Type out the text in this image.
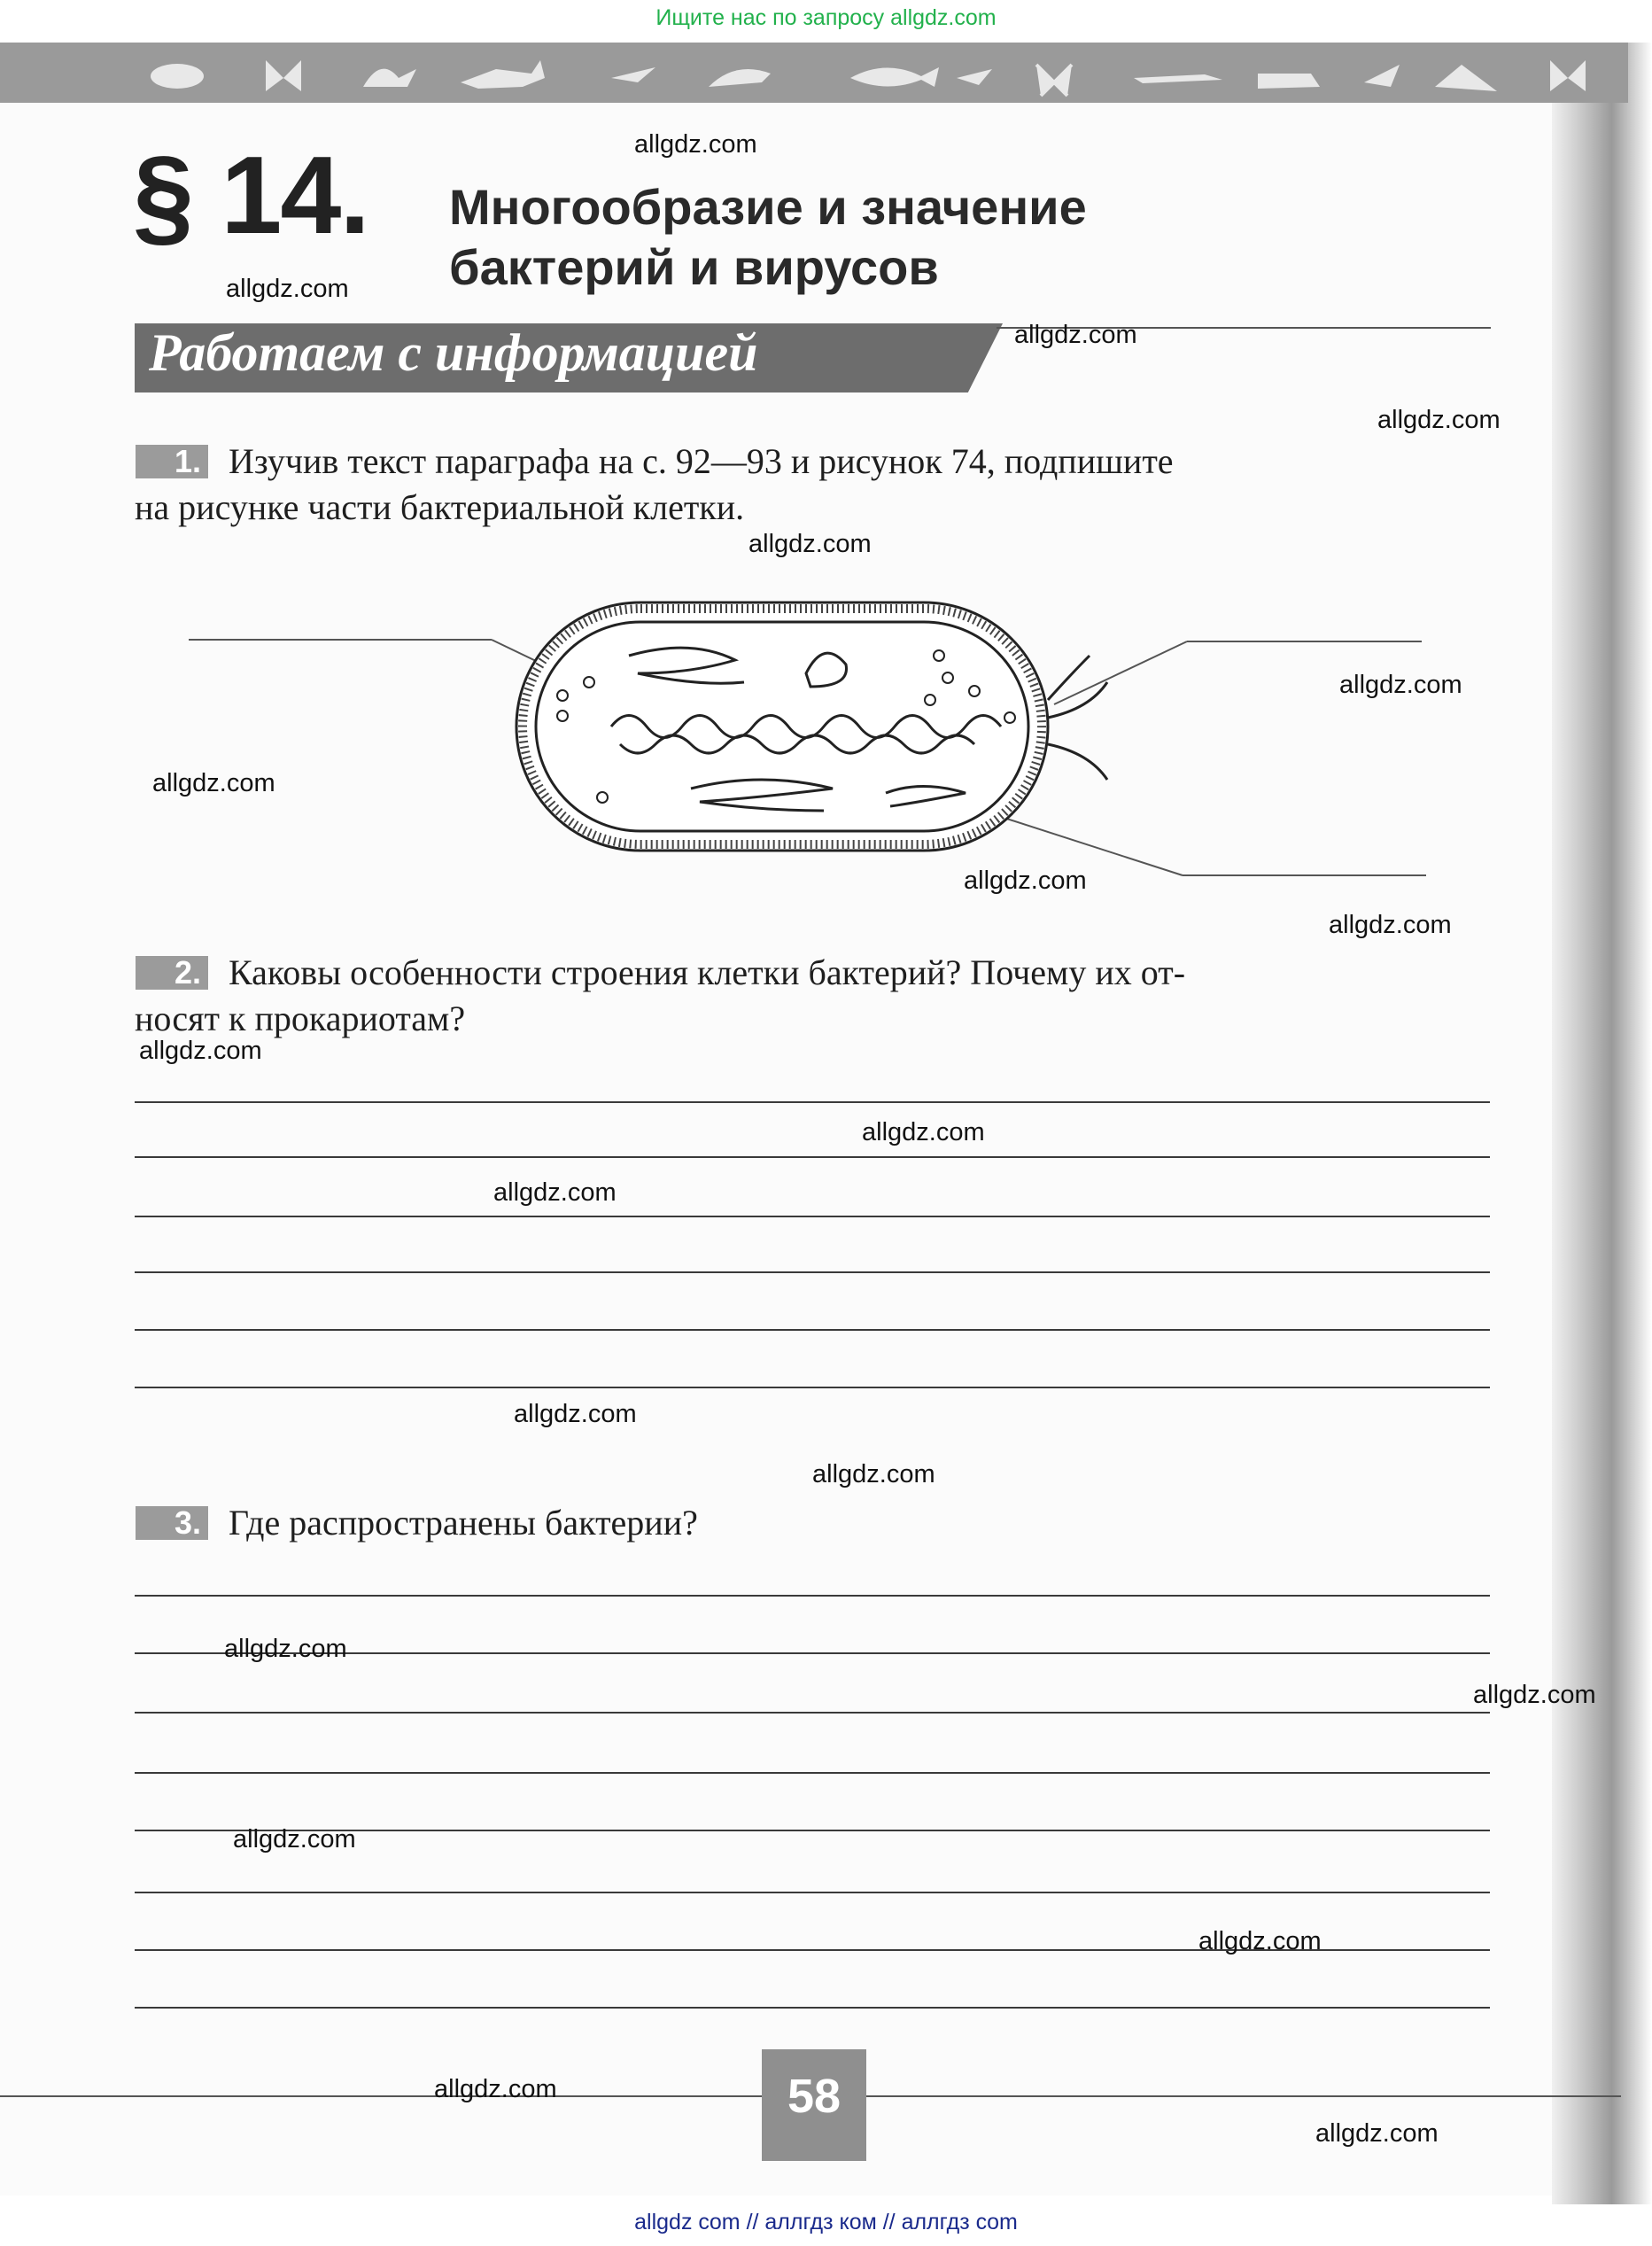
Ищите нас по запросу allgdz.com

§ 14. Многообразие и значение
бактерий и вирусов
Работаем с информацией
1. Изучив текст параграфа на с. 92—93 и рисунок 74, подпишите
на рисунке части бактериальной клетки.
2. Каковы особенности строения клетки бактерий? Почему их от-
носят к прокариотам?
3. Где распространены бактерии?
58
allgdz.com
allgdz.com
allgdz.com
allgdz.com
allgdz.com
allgdz.com
allgdz.com
allgdz.com
allgdz.com
allgdz.com
allgdz.com
allgdz.com
allgdz.com
allgdz.com
allgdz.com
allgdz.com
allgdz.com
allgdz.com
allgdz.com
allgdz.com
allgdz com // аллгдз ком // аллгдз com
